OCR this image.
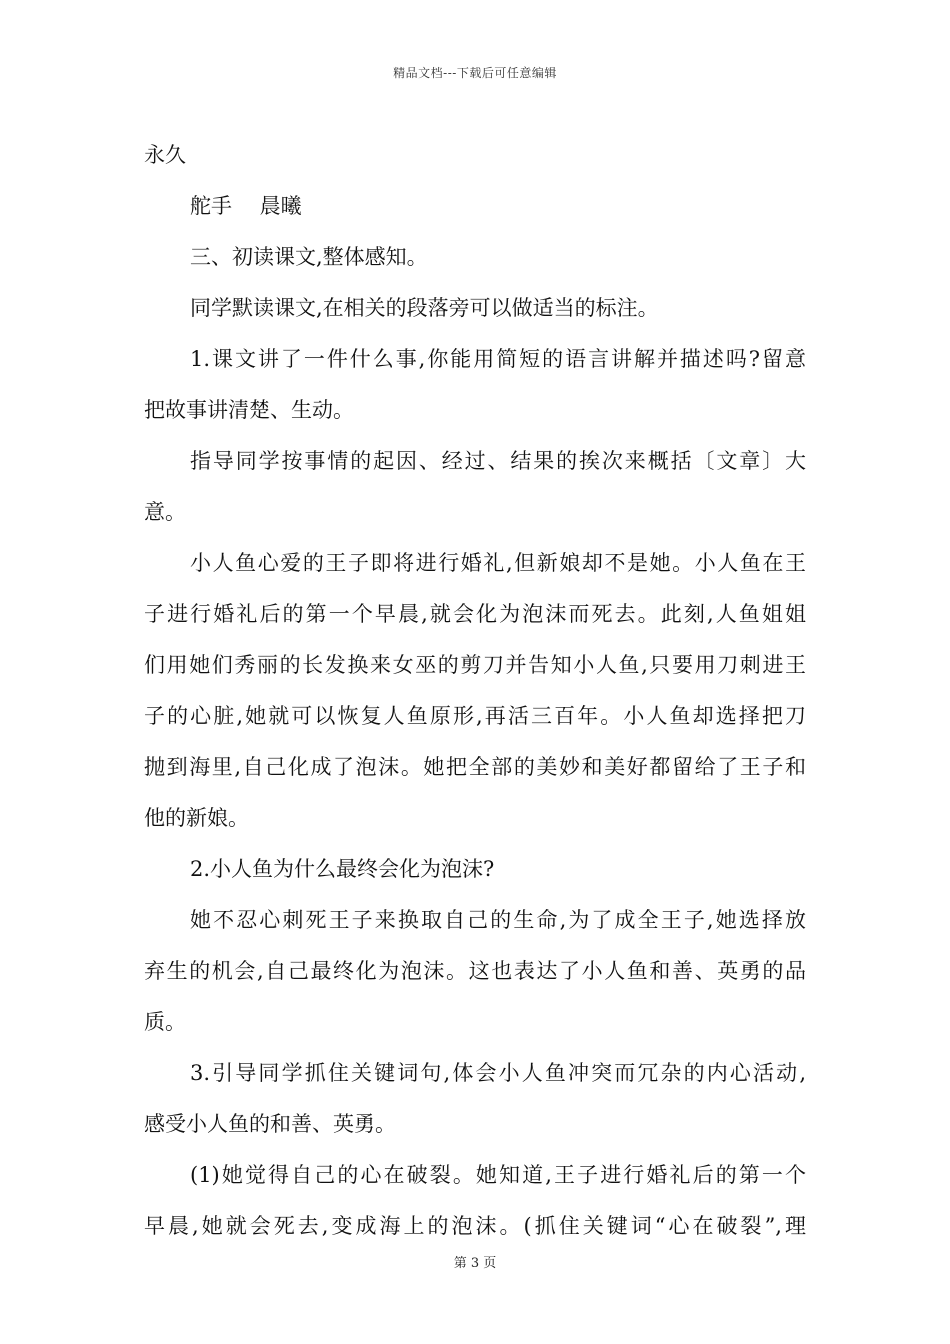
精品文档---下载后可任意编辑
永久
舵手　 晨曦
三、初读课文,整体感知。
同学默读课文,在相关的段落旁可以做适当的标注。
1.课文讲了一件什么事,你能用简短的语言讲解并描述吗?留意
把故事讲清楚、生动。
指导同学按事情的起因、经过、结果的挨次来概括〔文章〕大
意。
小人鱼心爱的王子即将进行婚礼,但新娘却不是她。小人鱼在王
子进行婚礼后的第一个早晨,就会化为泡沫而死去。此刻,人鱼姐姐
们用她们秀丽的长发换来女巫的剪刀并告知小人鱼,只要用刀刺进王
子的心脏,她就可以恢复人鱼原形,再活三百年。小人鱼却选择把刀
抛到海里,自己化成了泡沫。她把全部的美妙和美好都留给了王子和
他的新娘。
2.小人鱼为什么最终会化为泡沫?
她不忍心刺死王子来换取自己的生命,为了成全王子,她选择放
弃生的机会,自己最终化为泡沫。这也表达了小人鱼和善、英勇的品
质。
3.引导同学抓住关键词句,体会小人鱼冲突而冗杂的内心活动,
感受小人鱼的和善、英勇。
(1)她觉得自己的心在破裂。她知道,王子进行婚礼后的第一个
早晨,她就会死去,变成海上的泡沫。(抓住关键词“心在破裂”,理
第 3 页
